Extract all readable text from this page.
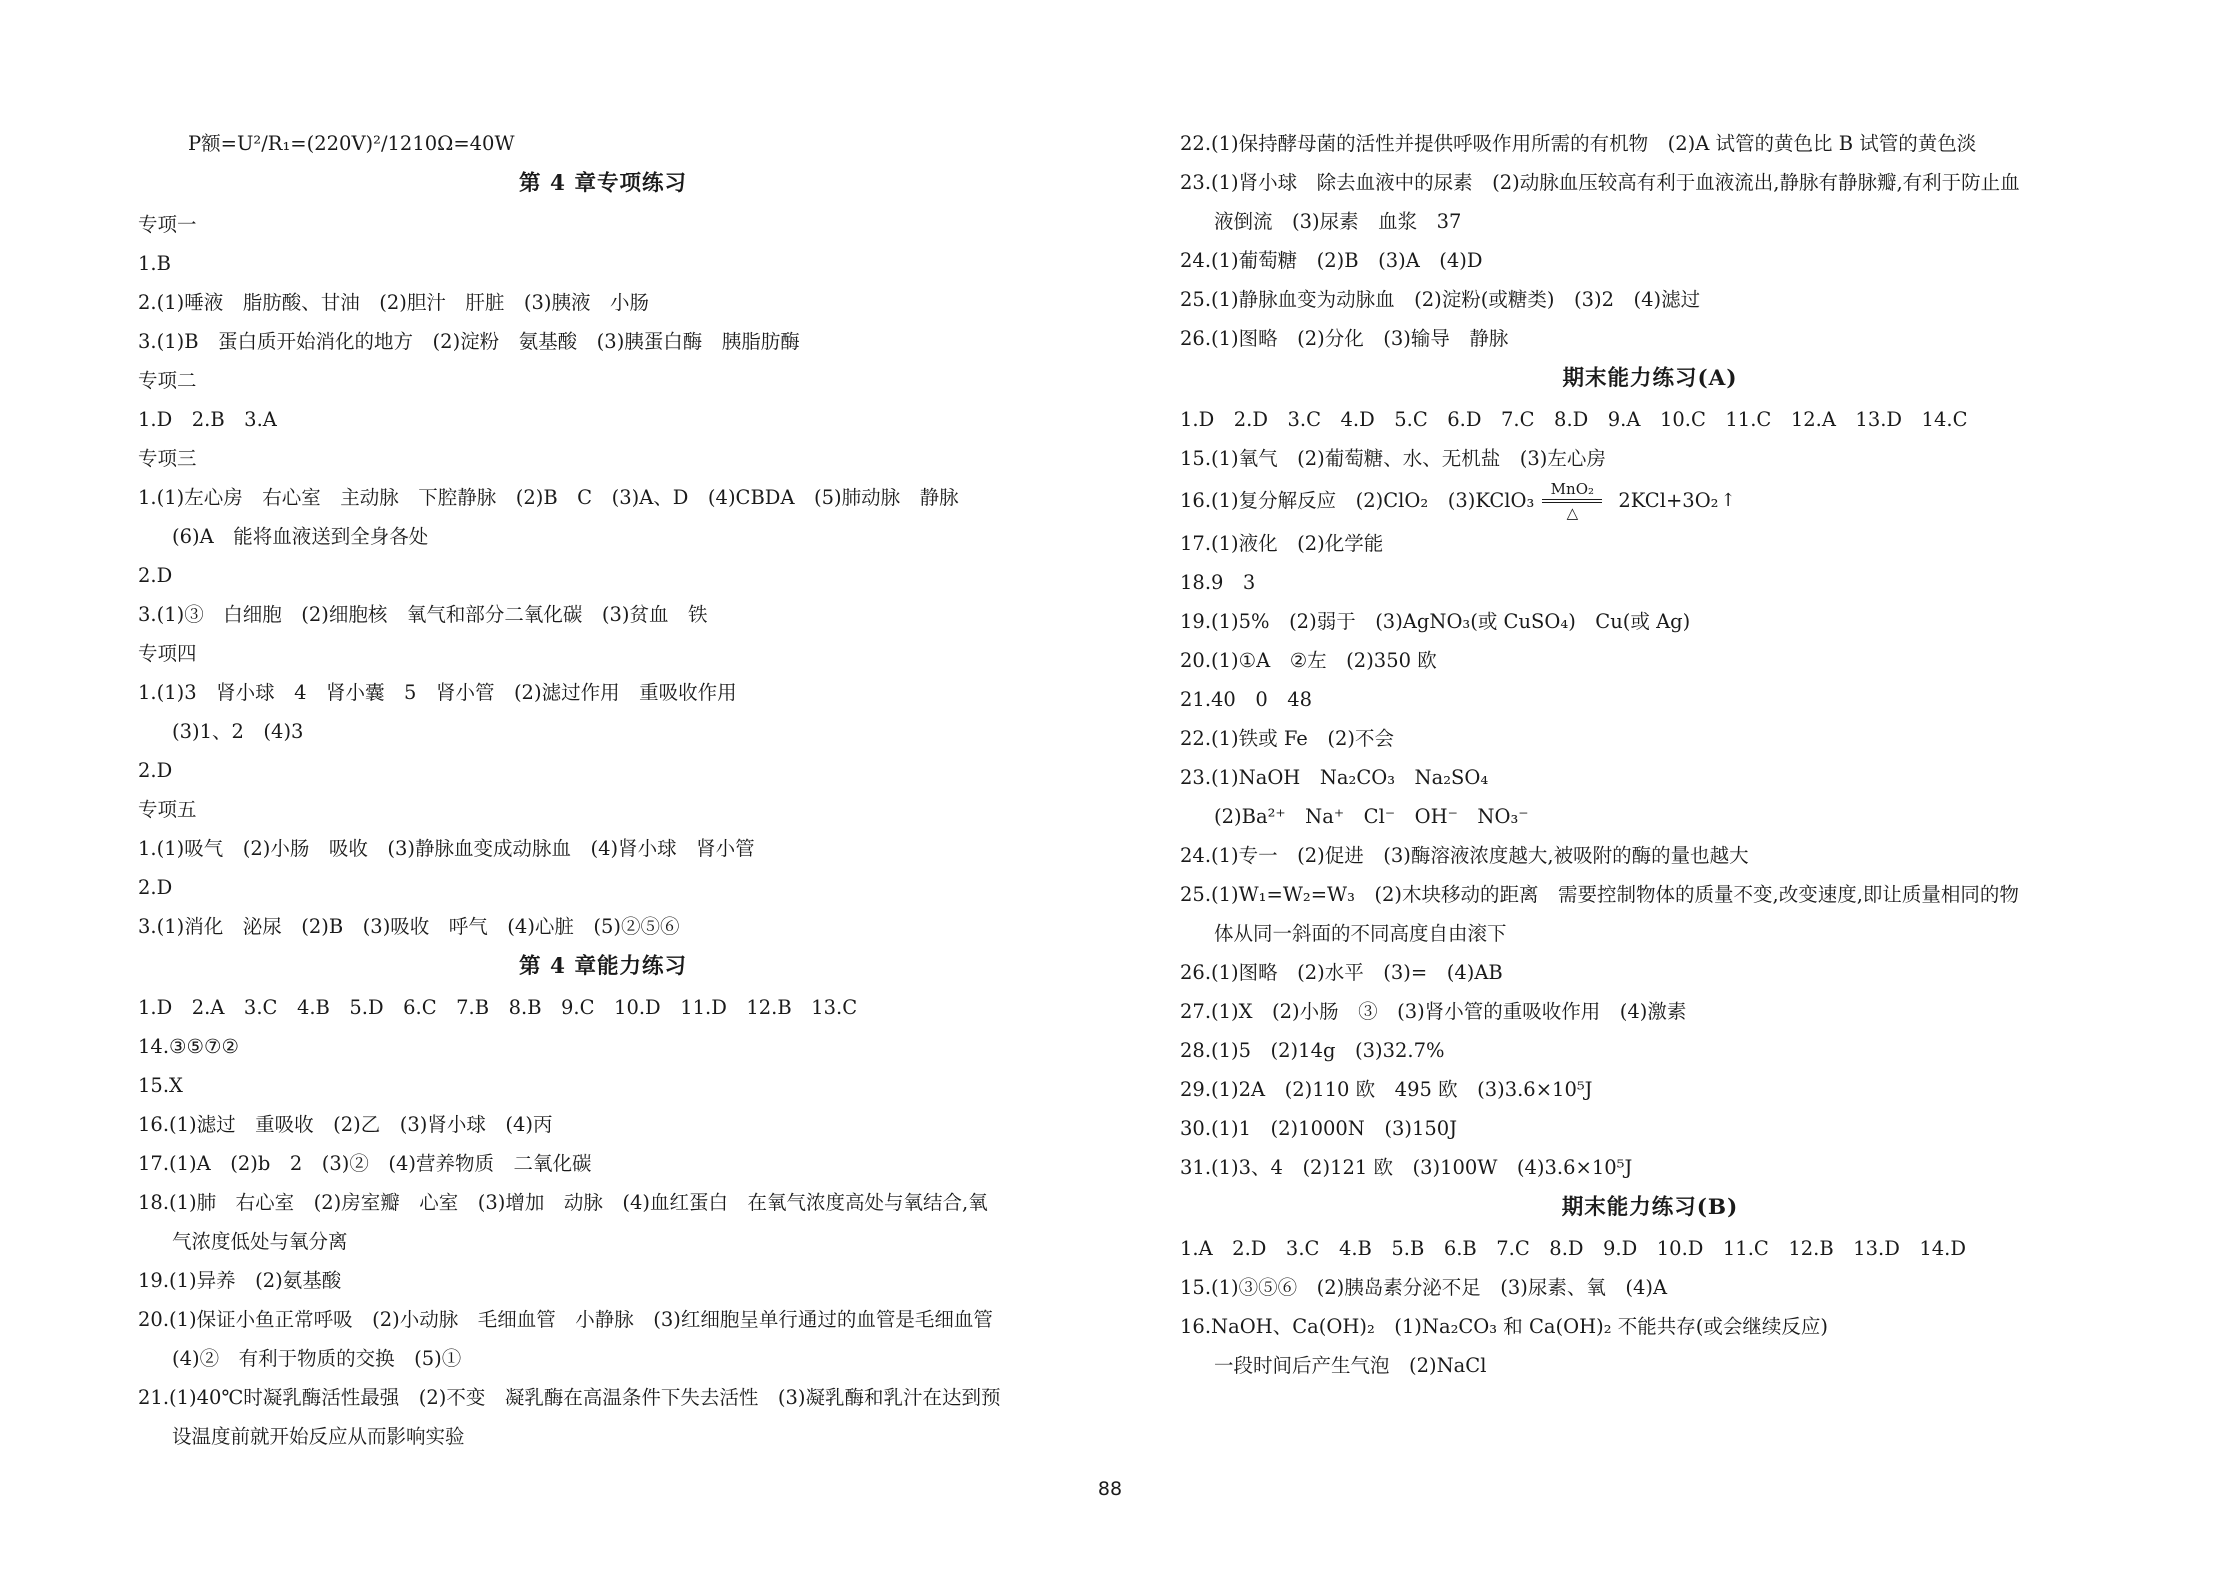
P额=U²/R₁=(220V)²/1210Ω=40W
第 4 章专项练习
专项一
1.B
2.(1)唾液　脂肪酸、甘油　(2)胆汁　肝脏　(3)胰液　小肠
3.(1)B　蛋白质开始消化的地方　(2)淀粉　氨基酸　(3)胰蛋白酶　胰脂肪酶
专项二
1.D　2.B　3.A
专项三
1.(1)左心房　右心室　主动脉　下腔静脉　(2)B　C　(3)A、D　(4)CBDA　(5)肺动脉　静脉
(6)A　能将血液送到全身各处
2.D
3.(1)③　白细胞　(2)细胞核　氧气和部分二氧化碳　(3)贫血　铁
专项四
1.(1)3　肾小球　4　肾小囊　5　肾小管　(2)滤过作用　重吸收作用
(3)1、2　(4)3
2.D
专项五
1.(1)吸气　(2)小肠　吸收　(3)静脉血变成动脉血　(4)肾小球　肾小管
2.D
3.(1)消化　泌尿　(2)B　(3)吸收　呼气　(4)心脏　(5)②⑤⑥
第 4 章能力练习
1.D　2.A　3.C　4.B　5.D　6.C　7.B　8.B　9.C　10.D　11.D　12.B　13.C
14.③⑤⑦②
15.X
16.(1)滤过　重吸收　(2)乙　(3)肾小球　(4)丙
17.(1)A　(2)b　2　(3)②　(4)营养物质　二氧化碳
18.(1)肺　右心室　(2)房室瓣　心室　(3)增加　动脉　(4)血红蛋白　在氧气浓度高处与氧结合,氧
气浓度低处与氧分离
19.(1)异养　(2)氨基酸
20.(1)保证小鱼正常呼吸　(2)小动脉　毛细血管　小静脉　(3)红细胞呈单行通过的血管是毛细血管
(4)②　有利于物质的交换　(5)①
21.(1)40℃时凝乳酶活性最强　(2)不变　凝乳酶在高温条件下失去活性　(3)凝乳酶和乳汁在达到预
设温度前就开始反应从而影响实验
22.(1)保持酵母菌的活性并提供呼吸作用所需的有机物　(2)A 试管的黄色比 B 试管的黄色淡
23.(1)肾小球　除去血液中的尿素　(2)动脉血压较高有利于血液流出,静脉有静脉瓣,有利于防止血
液倒流　(3)尿素　血浆　37
24.(1)葡萄糖　(2)B　(3)A　(4)D
25.(1)静脉血变为动脉血　(2)淀粉(或糖类)　(3)2　(4)滤过
26.(1)图略　(2)分化　(3)输导　静脉
期末能力练习(A)
1.D　2.D　3.C　4.D　5.C　6.D　7.C　8.D　9.A　10.C　11.C　12.A　13.D　14.C
15.(1)氧气　(2)葡萄糖、水、无机盐　(3)左心房
16.(1)复分解反应　(2)ClO₂　(3)KClO₃ $\frac{\text{MnO₂}}{\triangle} 2KCl+3O_2$ ↑
17.(1)液化　(2)化学能
18.9　3
19.(1)5%　(2)弱于　(3)AgNO₃(或 CuSO₄)　Cu(或 Ag)
20.(1)①A　②左　(2)350 欧
21.40　0　48
22.(1)铁或 Fe　(2)不会
23.(1)NaOH　Na₂CO₃　Na₂SO₄
(2)Ba²⁺　Na⁺　Cl⁻　OH⁻　NO₃⁻
24.(1)专一　(2)促进　(3)酶溶液浓度越大,被吸附的酶的量也越大
25.(1)W₁=W₂=W₃　(2)木块移动的距离　需要控制物体的质量不变,改变速度,即让质量相同的物
体从同一斜面的不同高度自由滚下
26.(1)图略　(2)水平　(3)=　(4)AB
27.(1)X　(2)小肠　③　(3)肾小管的重吸收作用　(4)激素
28.(1)5　(2)14g　(3)32.7%
29.(1)2A　(2)110 欧　495 欧　(3)3.6×10⁵J
30.(1)1　(2)1000N　(3)150J
31.(1)3、4　(2)121 欧　(3)100W　(4)3.6×10⁵J
期末能力练习(B)
1.A　2.D　3.C　4.B　5.B　6.B　7.C　8.D　9.D　10.D　11.C　12.B　13.D　14.D
15.(1)③⑤⑥　(2)胰岛素分泌不足　(3)尿素、氧　(4)A
16.NaOH、Ca(OH)₂　(1)Na₂CO₃ 和 Ca(OH)₂ 不能共存(或会继续反应)
一段时间后产生气泡　(2)NaCl
88
